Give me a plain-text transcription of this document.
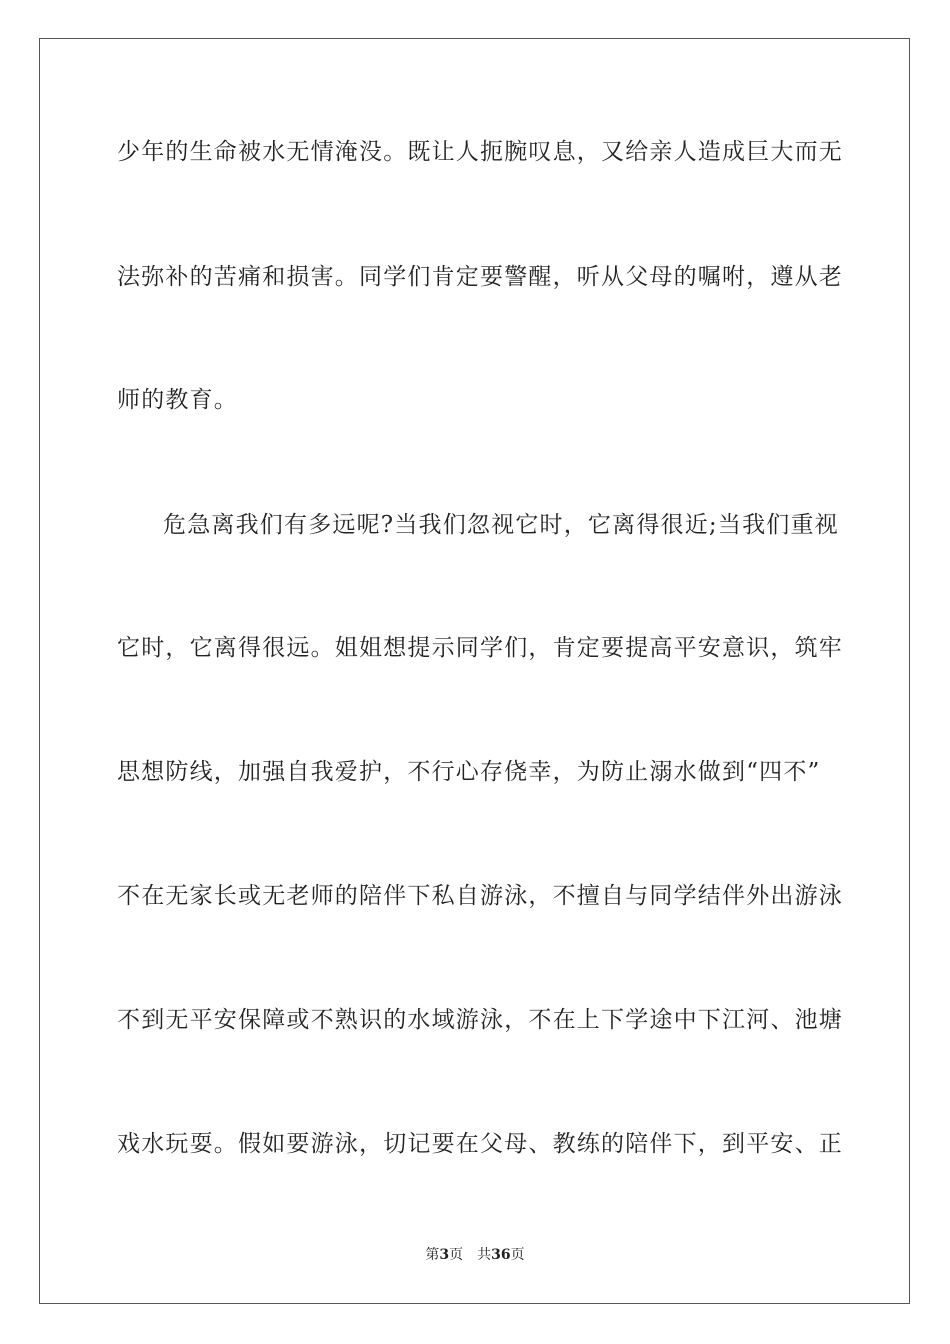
少年的生命被水无情淹没。既让人扼腕叹息，又给亲人造成巨大而无
法弥补的苦痛和损害。同学们肯定要警醒，听从父母的嘱咐，遵从老
师的教育。
危急离我们有多远呢?当我们忽视它时，它离得很近;当我们重视
它时，它离得很远。姐姐想提示同学们，肯定要提高平安意识，筑牢
思想防线，加强自我爱护，不行心存侥幸，为防止溺水做到“四不”
不在无家长或无老师的陪伴下私自游泳，不擅自与同学结伴外出游泳
不到无平安保障或不熟识的水域游泳，不在上下学途中下江河、池塘
戏水玩耍。假如要游泳，切记要在父母、教练的陪伴下，到平安、正
第3页 共36页
